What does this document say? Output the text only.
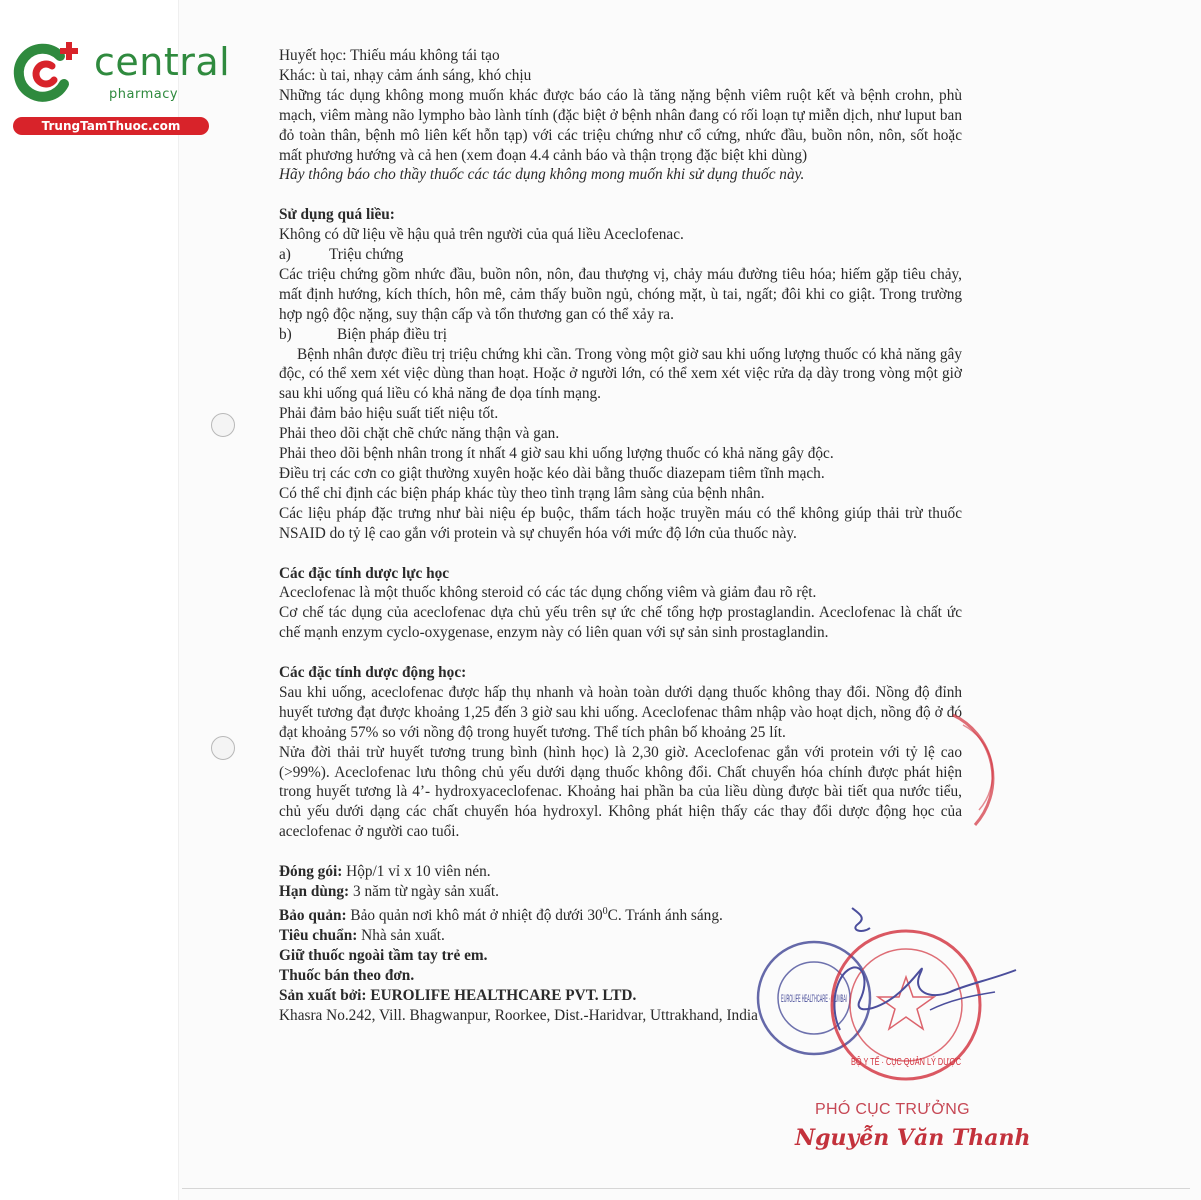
central
pharmacy
TrungTamThuoc.com

Huyết học: Thiếu máu không tái tạo

Khác: ù tai, nhạy cảm ánh sáng, khó chịu

Những tác dụng không mong muốn khác được báo cáo là tăng nặng bệnh viêm ruột kết và bệnh crohn, phù mạch, viêm màng não lympho bào lành tính (đặc biệt ở bệnh nhân đang có rối loạn tự miễn dịch, như luput ban đỏ toàn thân, bệnh mô liên kết hỗn tạp) với các triệu chứng như cổ cứng, nhức đầu, buồn nôn, nôn, sốt hoặc mất phương hướng và cả hen (xem đoạn 4.4 cảnh báo và thận trọng đặc biệt khi dùng)

Hãy thông báo cho thầy thuốc các tác dụng không mong muốn khi sử dụng thuốc này.

Sử dụng quá liều:

Không có dữ liệu về hậu quả trên người của quá liều Aceclofenac.

a) Triệu chứng

Các triệu chứng gồm nhức đầu, buồn nôn, nôn, đau thượng vị, chảy máu đường tiêu hóa; hiếm gặp tiêu chảy, mất định hướng, kích thích, hôn mê, cảm thấy buồn ngủ, chóng mặt, ù tai, ngất; đôi khi co giật. Trong trường hợp ngộ độc nặng, suy thận cấp và tổn thương gan có thể xảy ra.

b)	Biện pháp điều trị

Bệnh nhân được điều trị triệu chứng khi cần. Trong vòng một giờ sau khi uống lượng thuốc có khả năng gây độc, có thể xem xét việc dùng than hoạt. Hoặc ở người lớn, có thể xem xét việc rửa dạ dày trong vòng một giờ sau khi uống quá liều có khả năng đe dọa tính mạng.

Phải đảm bảo hiệu suất tiết niệu tốt.

Phải theo dõi chặt chẽ chức năng thận và gan.

Phải theo dõi bệnh nhân trong ít nhất 4 giờ sau khi uống lượng thuốc có khả năng gây độc.

Điều trị các cơn co giật thường xuyên hoặc kéo dài bằng thuốc diazepam tiêm tĩnh mạch.

Có thể chỉ định các biện pháp khác tùy theo tình trạng lâm sàng của bệnh nhân.

Các liệu pháp đặc trưng như bài niệu ép buộc, thẩm tách hoặc truyền máu có thể không giúp thải trừ thuốc NSAID do tỷ lệ cao gắn với protein và sự chuyển hóa với mức độ lớn của thuốc này.

Các đặc tính dược lực học

Aceclofenac là một thuốc không steroid có các tác dụng chống viêm và giảm đau rõ rệt.

Cơ chế tác dụng của aceclofenac dựa chủ yếu trên sự ức chế tổng hợp prostaglandin. Aceclofenac là chất ức chế mạnh enzym cyclo-oxygenase, enzym này có liên quan với sự sản sinh prostaglandin.

Các đặc tính dược động học:

Sau khi uống, aceclofenac được hấp thụ nhanh và hoàn toàn dưới dạng thuốc không thay đổi. Nồng độ đỉnh huyết tương đạt được khoảng 1,25 đến 3 giờ sau khi uống. Aceclofenac thâm nhập vào hoạt dịch, nồng độ ở đó đạt khoảng 57% so với nồng độ trong huyết tương. Thể tích phân bố khoảng 25 lít.

Nửa đời thải trừ huyết tương trung bình (hình học) là 2,30 giờ. Aceclofenac gắn với protein với tỷ lệ cao (>99%). Aceclofenac lưu thông chủ yếu dưới dạng thuốc không đổi. Chất chuyển hóa chính được phát hiện trong huyết tương là 4’- hydroxyaceclofenac. Khoảng hai phần ba của liều dùng được bài tiết qua nước tiểu, chủ yếu dưới dạng các chất chuyển hóa hydroxyl. Không phát hiện thấy các thay đổi dược động học của aceclofenac ở người cao tuổi.

Đóng gói: Hộp/1 vỉ x 10 viên nén.

Hạn dùng: 3 năm từ ngày sản xuất.

Bảo quản: Bảo quản nơi khô mát ở nhiệt độ dưới $30^0C$. Tránh ánh sáng.

Tiêu chuẩn: Nhà sản xuất.

Giữ thuốc ngoài tầm tay trẻ em.

Thuốc bán theo đơn.

Sản xuất bởi: EUROLIFE HEALTHCARE PVT. LTD.

Khasra No.242, Vill. Bhagwanpur, Roorkee, Dist.-Haridvar, Uttrakhand, India

EUROLIFE HEALTHCARE · MUMBAI
BỘ Y TẾ · CỤC QUẢN LÝ DƯỢC
PHÓ CỤC TRƯỞNG
Nguyễn Văn Thanh
